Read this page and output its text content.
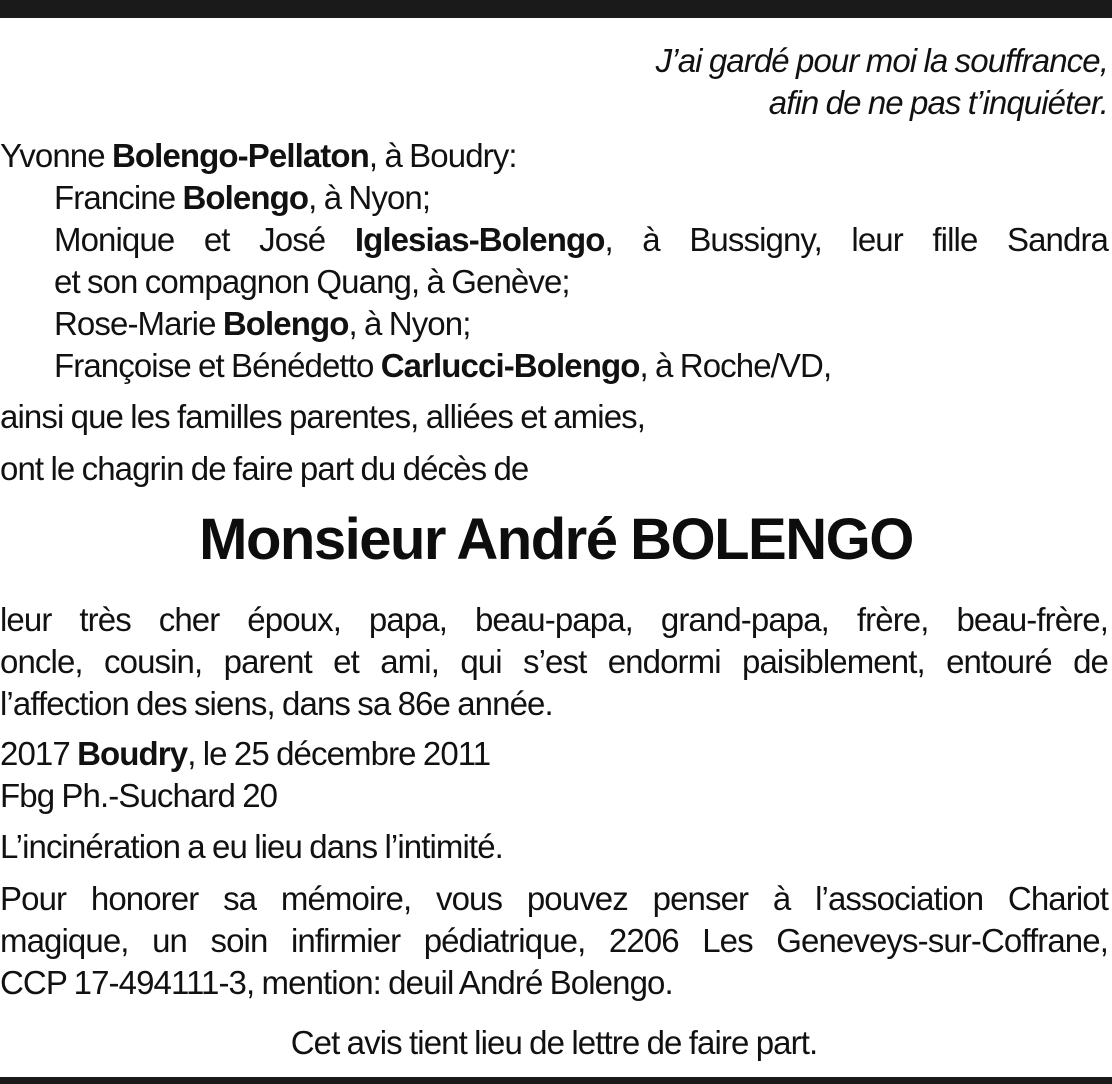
J’ai gardé pour moi la souffrance,
afin de ne pas t’inquiéter.
Yvonne Bolengo-Pellaton, à Boudry:
Francine Bolengo, à Nyon;
Monique et José Iglesias-Bolengo, à Bussigny, leur fille Sandra
et son compagnon Quang, à Genève;
Rose-Marie Bolengo, à Nyon;
Françoise et Bénédetto Carlucci-Bolengo, à Roche/VD,
ainsi que les familles parentes, alliées et amies,
ont le chagrin de faire part du décès de
Monsieur André BOLENGO
leur très cher époux, papa, beau-papa, grand-papa, frère, beau-frère,
oncle, cousin, parent et ami, qui s’est endormi paisiblement, entouré de
l’affection des siens, dans sa 86e année.
2017 Boudry, le 25 décembre 2011
Fbg Ph.-Suchard 20
L’incinération a eu lieu dans l’intimité.
Pour honorer sa mémoire, vous pouvez penser à l’association Chariot
magique, un soin infirmier pédiatrique, 2206 Les Geneveys-sur-Coffrane,
CCP 17-494111-3, mention: deuil André Bolengo.
Cet avis tient lieu de lettre de faire part.
